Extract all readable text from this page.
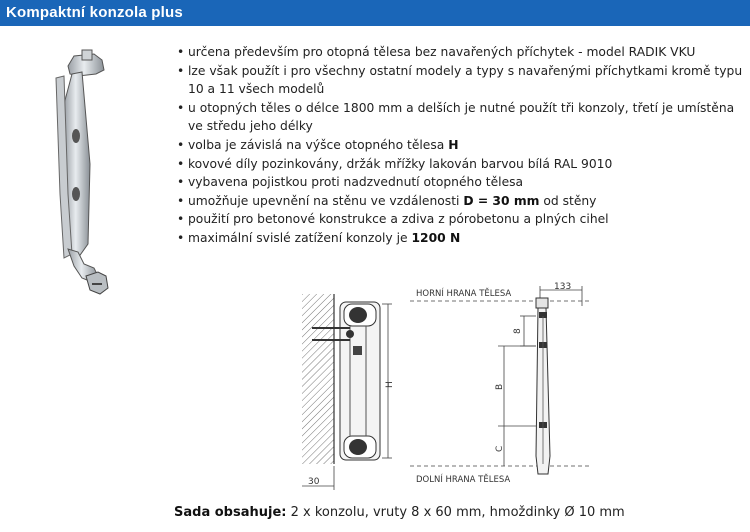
Kompaktní konzola plus
• určena především pro otopná tělesa bez navařených příchytek - model RADIK VKU
• lze však použít i pro všechny ostatní modely a typy s navařenými příchytkami kromě typu 10 a 11 všech modelů
• u otopných těles o délce 1800 mm a delších je nutné použít tři konzoly, třetí je umístěna ve středu jeho délky
• volba je závislá na výšce otopného tělesa H
• kovové díly pozinkovány, držák mřížky lakován barvou bílá RAL 9010
• vybavena pojistkou proti nadzvednutí otopného tělesa
• umožňuje upevnění na stěnu ve vzdálenosti D = 30 mm od stěny
• použití pro betonové konstrukce a zdiva z pórobetonu a plných cihel
• maximální svislé zatížení konzoly je 1200 N
H
30
HORNÍ HRANA TĚLESA
DOLNÍ HRANA TĚLESA
133
8
B
C
Sada obsahuje: 2 x konzolu, vruty 8 x 60 mm, hmoždinky Ø 10 mm
